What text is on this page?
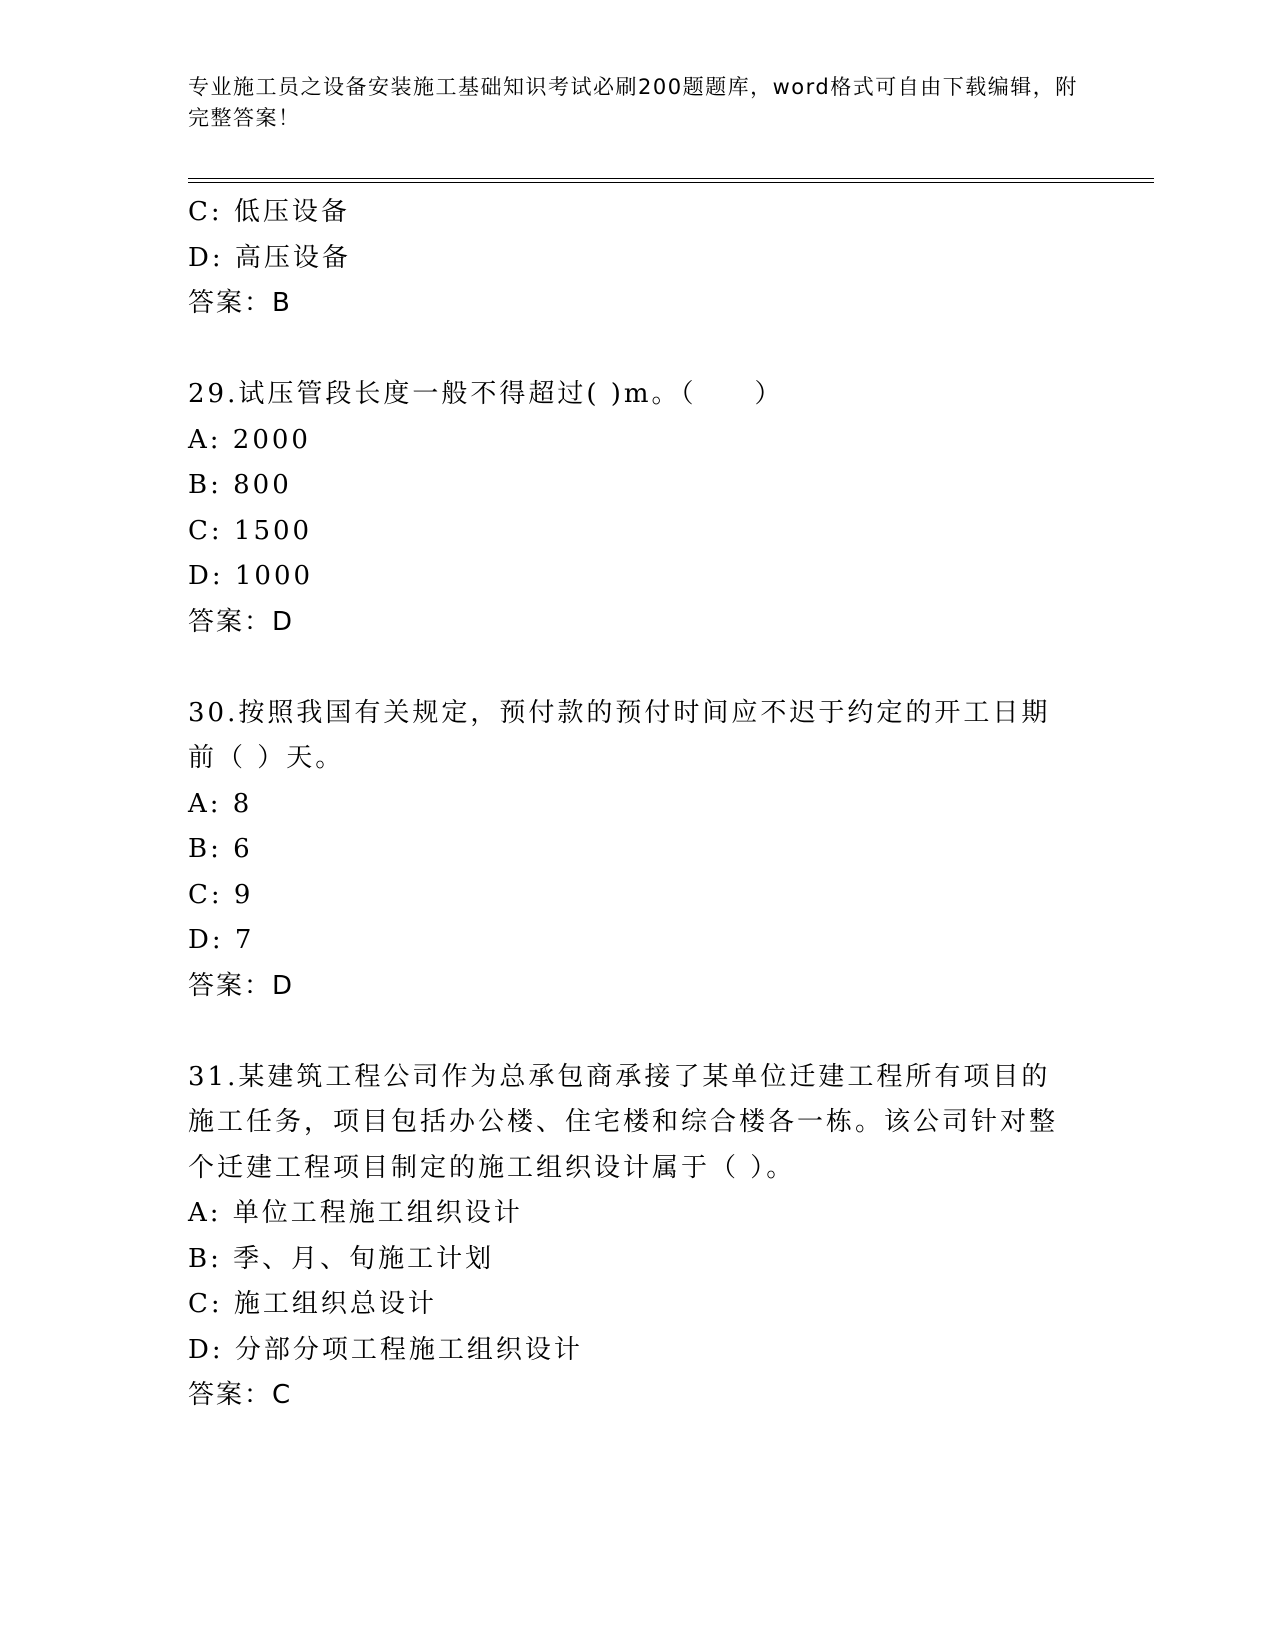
专业施工员之设备安装施工基础知识考试必刷200题题库，word格式可自由下载编辑，附完整答案！
C: 低压设备
D: 高压设备
答案：B
29.试压管段长度一般不得超过( )m。（　　）
A: 2000
B: 800
C: 1500
D: 1000
答案：D
30.按照我国有关规定，预付款的预付时间应不迟于约定的开工日期前（ ）天。
A: 8
B: 6
C: 9
D: 7
答案：D
31.某建筑工程公司作为总承包商承接了某单位迁建工程所有项目的施工任务，项目包括办公楼、住宅楼和综合楼各一栋。该公司针对整个迁建工程项目制定的施工组织设计属于（ ）。
A: 单位工程施工组织设计
B: 季、月、旬施工计划
C: 施工组织总设计
D: 分部分项工程施工组织设计
答案：C
